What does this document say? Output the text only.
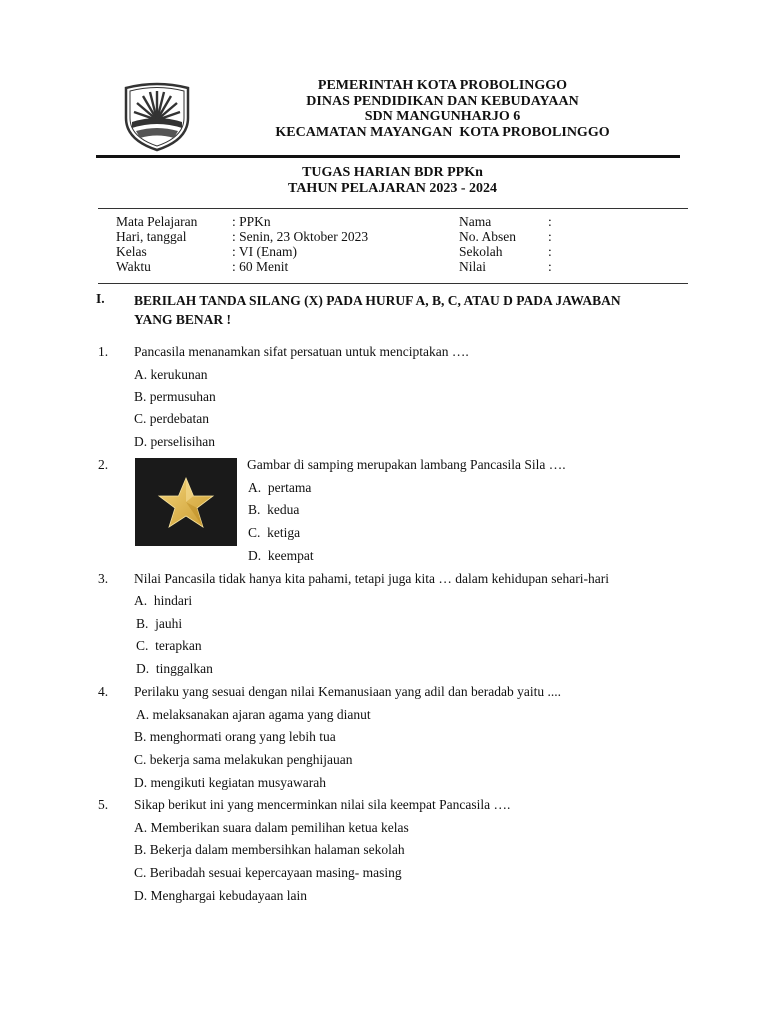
PEMERINTAH KOTA PROBOLINGGO
DINAS PENDIDIKAN DAN KEBUDAYAAN
SDN MANGUNHARJO 6
KECAMATAN MAYANGAN  KOTA PROBOLINGGO
TUGAS HARIAN BDR PPKn
TAHUN PELAJARAN 2023 - 2024
Mata Pelajaran
Hari, tanggal
Kelas
Waktu
: PPKn
: Senin, 23 Oktober 2023
: VI (Enam)
: 60 Menit
Nama
No. Absen
Sekolah
Nilai
:
:
:
:
I. BERILAH TANDA SILANG (X) PADA HURUF A, B, C, ATAU D PADA JAWABAN YANG BENAR !
1. Pancasila menanamkan sifat persatuan untuk menciptakan ….
A. kerukunan
B. permusuhan
C. perdebatan
D. perselisihan
2.	Gambar di samping merupakan lambang Pancasila Sila ….
A.  pertama
B.  kedua
C.  ketiga
D.  keempat
3. Nilai Pancasila tidak hanya kita pahami, tetapi juga kita … dalam kehidupan sehari-hari
A.  hindari
B.  jauhi
C.  terapkan
D.  tinggalkan
4. Perilaku yang sesuai dengan nilai Kemanusiaan yang adil dan beradab yaitu ....
A. melaksanakan ajaran agama yang dianut
B. menghormati orang yang lebih tua
C. bekerja sama melakukan penghijauan
D. mengikuti kegiatan musyawarah
5. Sikap berikut ini yang mencerminkan nilai sila keempat Pancasila ….
A. Memberikan suara dalam pemilihan ketua kelas
B. Bekerja dalam membersihkan halaman sekolah
C. Beribadah sesuai kepercayaan masing- masing
D. Menghargai kebudayaan lain
